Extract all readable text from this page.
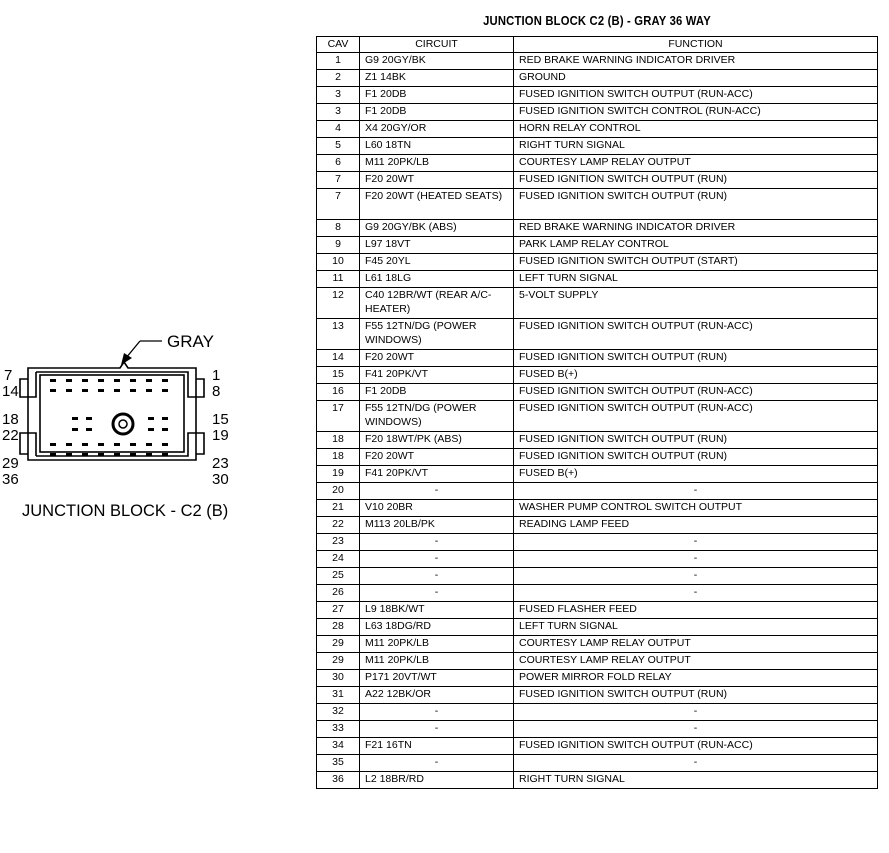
GRAY
7
14
1
8
18
22
15
19
29
36
23
30
JUNCTION BLOCK - C2 (B)
JUNCTION BLOCK C2 (B) - GRAY 36 WAY
CAV	CIRCUIT	FUNCTION
1	G9 20GY/BK	RED BRAKE WARNING INDICATOR DRIVER
2	Z1 14BK	GROUND
3	F1 20DB	FUSED IGNITION SWITCH OUTPUT (RUN-ACC)
3	F1 20DB	FUSED IGNITION SWITCH CONTROL (RUN-ACC)
4	X4 20GY/OR	HORN RELAY CONTROL
5	L60 18TN	RIGHT TURN SIGNAL
6	M11 20PK/LB	COURTESY LAMP RELAY OUTPUT
7	F20 20WT	FUSED IGNITION SWITCH OUTPUT (RUN)
7	F20 20WT (HEATED SEATS)	FUSED IGNITION SWITCH OUTPUT (RUN)
8	G9 20GY/BK (ABS)	RED BRAKE WARNING INDICATOR DRIVER
9	L97 18VT	PARK LAMP RELAY CONTROL
10	F45 20YL	FUSED IGNITION SWITCH OUTPUT (START)
11	L61 18LG	LEFT TURN SIGNAL
12	C40 12BR/WT (REAR A/C-HEATER)	5-VOLT SUPPLY
13	F55 12TN/DG (POWER WINDOWS)	FUSED IGNITION SWITCH OUTPUT (RUN-ACC)
14	F20 20WT	FUSED IGNITION SWITCH OUTPUT (RUN)
15	F41 20PK/VT	FUSED B(+)
16	F1 20DB	FUSED IGNITION SWITCH OUTPUT (RUN-ACC)
17	F55 12TN/DG (POWER WINDOWS)	FUSED IGNITION SWITCH OUTPUT (RUN-ACC)
18	F20 18WT/PK (ABS)	FUSED IGNITION SWITCH OUTPUT (RUN)
18	F20 20WT	FUSED IGNITION SWITCH OUTPUT (RUN)
19	F41 20PK/VT	FUSED B(+)
20	-	-
21	V10 20BR	WASHER PUMP CONTROL SWITCH OUTPUT
22	M113 20LB/PK	READING LAMP FEED
23	-	-
24	-	-
25	-	-
26	-	-
27	L9 18BK/WT	FUSED FLASHER FEED
28	L63 18DG/RD	LEFT TURN SIGNAL
29	M11 20PK/LB	COURTESY LAMP RELAY OUTPUT
29	M11 20PK/LB	COURTESY LAMP RELAY OUTPUT
30	P171 20VT/WT	POWER MIRROR FOLD RELAY
31	A22 12BK/OR	FUSED IGNITION SWITCH OUTPUT (RUN)
32	-	-
33	-	-
34	F21 16TN	FUSED IGNITION SWITCH OUTPUT (RUN-ACC)
35	-	-
36	L2 18BR/RD	RIGHT TURN SIGNAL
